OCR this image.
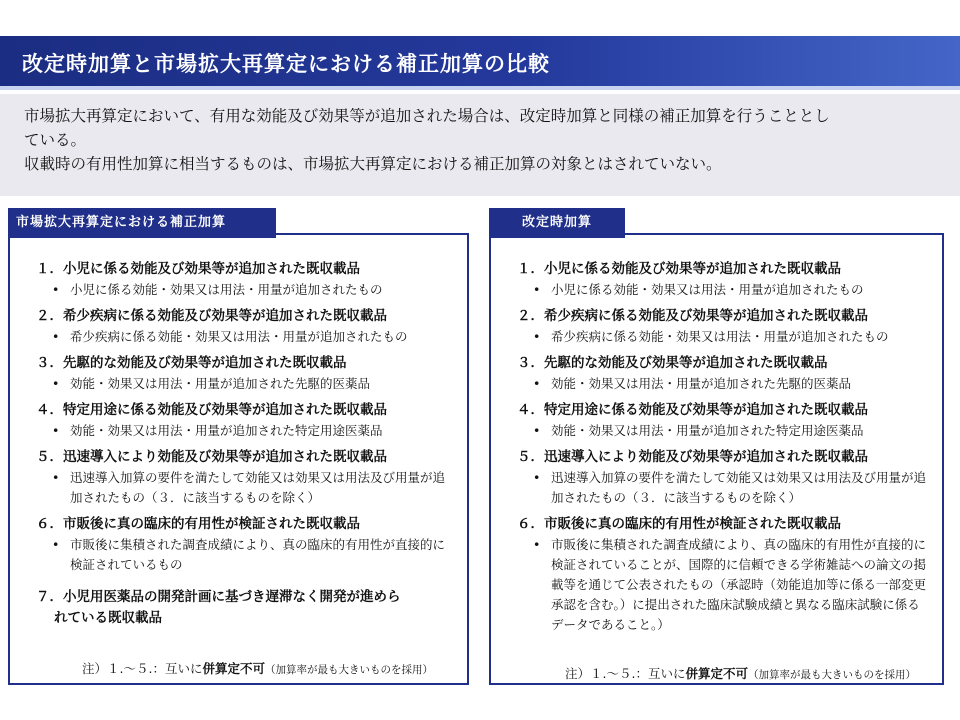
改定時加算と市場拡大再算定における補正加算の比較

市場拡大再算定において、有用な効能及び効果等が追加された場合は、改定時加算と同様の補正加算を行うこととし

ている。

収載時の有用性加算に相当するものは、市場拡大再算定における補正加算の対象とはされていない。

１．小児に係る効能及び効果等が追加された既収載品
• 小児に係る効能・効果又は用法・用量が追加されたもの
２．希少疾病に係る効能及び効果等が追加された既収載品
• 希少疾病に係る効能・効果又は用法・用量が追加されたもの
３．先駆的な効能及び効果等が追加された既収載品
• 効能・効果又は用法・用量が追加された先駆的医薬品
４．特定用途に係る効能及び効果等が追加された既収載品
• 効能・効果又は用法・用量が追加された特定用途医薬品
５．迅速導入により効能及び効果等が追加された既収載品
• 迅速導入加算の要件を満たして効能又は効果又は用法及び用量が追加されたもの（３．に該当するものを除く）
６．市販後に真の臨床的有用性が検証された既収載品
• 市販後に集積された調査成績により、真の臨床的有用性が直接的に検証されているもの
７．小児用医薬品の開発計画に基づき遅滞なく開発が進めら
れている既収載品
注）１.～５.：互いに併算定不可（加算率が最も大きいものを採用）
市場拡大再算定における補正加算
１．小児に係る効能及び効果等が追加された既収載品
• 小児に係る効能・効果又は用法・用量が追加されたもの
２．希少疾病に係る効能及び効果等が追加された既収載品
• 希少疾病に係る効能・効果又は用法・用量が追加されたもの
３．先駆的な効能及び効果等が追加された既収載品
• 効能・効果又は用法・用量が追加された先駆的医薬品
４．特定用途に係る効能及び効果等が追加された既収載品
• 効能・効果又は用法・用量が追加された特定用途医薬品
５．迅速導入により効能及び効果等が追加された既収載品
• 迅速導入加算の要件を満たして効能又は効果又は用法及び用量が追加されたもの（３．に該当するものを除く）
６．市販後に真の臨床的有用性が検証された既収載品
• 市販後に集積された調査成績により、真の臨床的有用性が直接的に検証されていることが、国際的に信頼できる学術雑誌への論文の掲載等を通じて公表されたもの（承認時（効能追加等に係る一部変更承認を含む。）に提出された臨床試験成績と異なる臨床試験に係るデータであること。）
注）１.～５.：互いに併算定不可（加算率が最も大きいものを採用）
改定時加算
